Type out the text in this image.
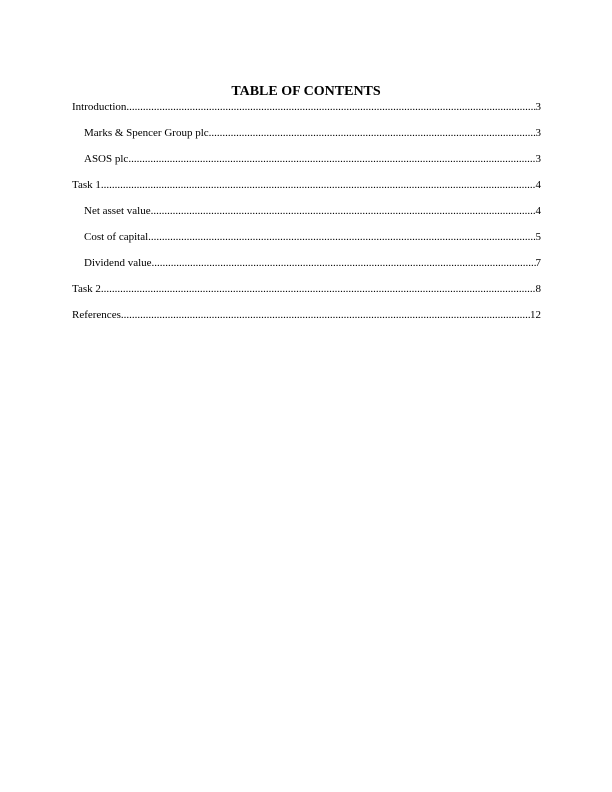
TABLE OF CONTENTS
Introduction .....	3
Marks & Spencer Group plc .....	3
ASOS plc .....	3
Task 1 .....	4
Net asset value .....	4
Cost of capital .....	5
Dividend value .....	7
Task 2 .....	8
References .....	12
